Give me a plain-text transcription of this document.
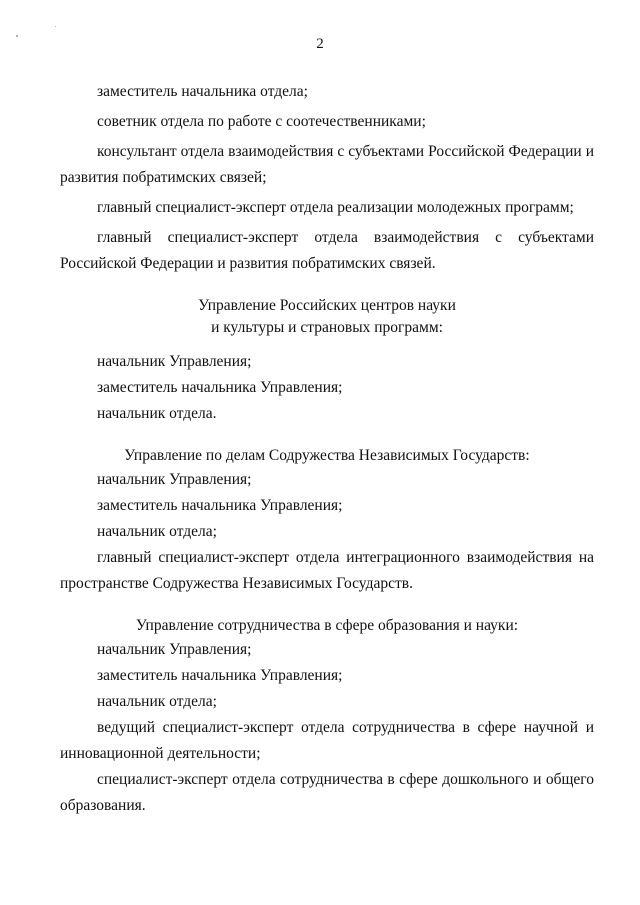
2

заместитель начальника отдела;

советник отдела по работе с соотечественниками;

консультант отдела взаимодействия с субъектами Российской Федерации и развития побратимских связей;

главный специалист-эксперт отдела реализации молодежных программ;

главный специалист-эксперт отдела взаимодействия с субъектами Российской Федерации и развития побратимских связей.

Управление Российских центров науки
и культуры и страновых программ:

начальник Управления;

заместитель начальника Управления;

начальник отдела.

Управление по делам Содружества Независимых Государств:

начальник Управления;

заместитель начальника Управления;

начальник отдела;

главный специалист-эксперт отдела интеграционного взаимодействия на пространстве Содружества Независимых Государств.

Управление сотрудничества в сфере образования и науки:

начальник Управления;

заместитель начальника Управления;

начальник отдела;

ведущий специалист-эксперт отдела сотрудничества в сфере научной и инновационной деятельности;

специалист-эксперт отдела сотрудничества в сфере дошкольного и общего образования.
